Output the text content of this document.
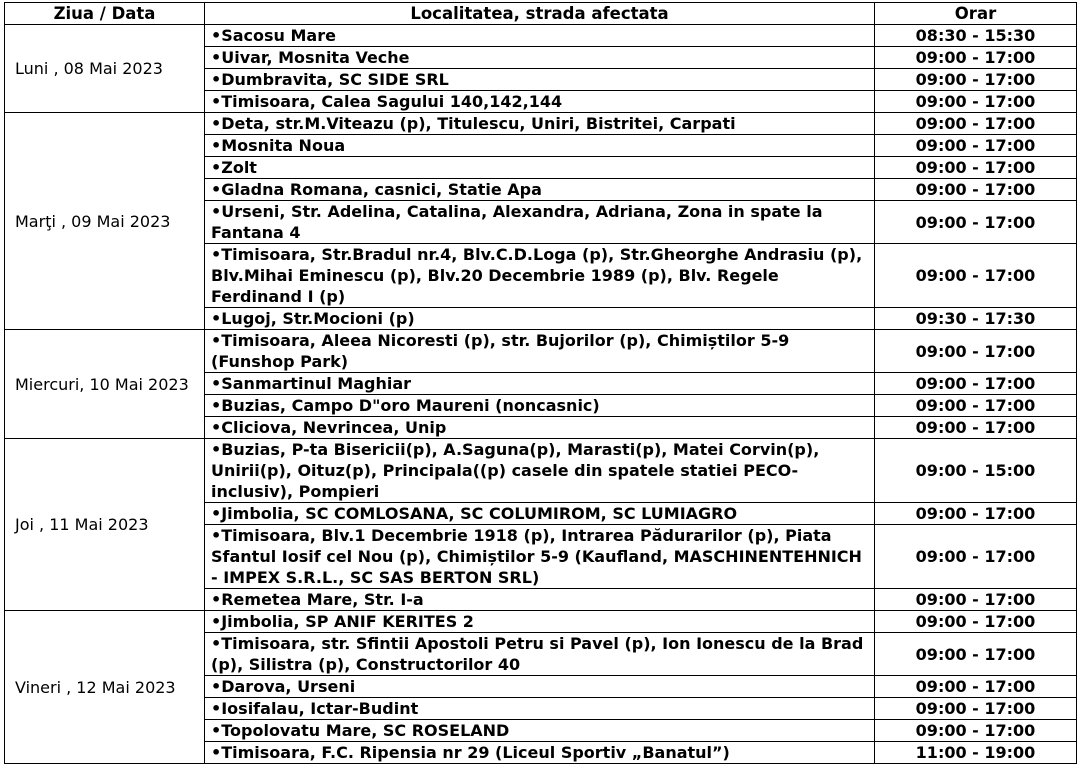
Ziua / Data	Localitatea, strada afectata	Orar
Luni , 08 Mai 2023	•Sacosu Mare	08:30 - 15:30
	•Uivar, Mosnita Veche	09:00 - 17:00
	•Dumbravita, SC SIDE SRL	09:00 - 17:00
	•Timisoara, Calea Sagului 140,142,144	09:00 - 17:00
Marţi , 09 Mai 2023	•Deta, str.M.Viteazu (p), Titulescu, Uniri, Bistritei, Carpati	09:00 - 17:00
	•Mosnita Noua	09:00 - 17:00
	•Zolt	09:00 - 17:00
	•Gladna Romana, casnici, Statie Apa	09:00 - 17:00
	•Urseni, Str. Adelina, Catalina, Alexandra, Adriana, Zona in spate la Fantana 4	09:00 - 17:00
	•Timisoara, Str.Bradul nr.4, Blv.C.D.Loga (p), Str.Gheorghe Andrasiu (p), Blv.Mihai Eminescu (p), Blv.20 Decembrie 1989 (p), Blv. Regele Ferdinand I (p)	09:00 - 17:00
	•Lugoj, Str.Mocioni (p)	09:30 - 17:30
Miercuri, 10 Mai 2023	•Timisoara, Aleea Nicoresti (p), str. Bujorilor (p), Chimiștilor 5-9 (Funshop Park)	09:00 - 17:00
	•Sanmartinul Maghiar	09:00 - 17:00
	•Buzias, Campo D"oro Maureni (noncasnic)	09:00 - 17:00
	•Cliciova, Nevrincea, Unip	09:00 - 17:00
Joi , 11 Mai 2023	•Buzias, P-ta Bisericii(p), A.Saguna(p), Marasti(p), Matei Corvin(p), Unirii(p), Oituz(p), Principala((p) casele din spatele statiei PECO-inclusiv), Pompieri	09:00 - 15:00
	•Jimbolia, SC COMLOSANA, SC COLUMIROM, SC LUMIAGRO	09:00 - 17:00
	•Timisoara, Blv.1 Decembrie 1918 (p), Intrarea Pădurarilor (p), Piata Sfantul Iosif cel Nou (p), Chimiștilor 5-9 (Kaufland, MASCHINENTEHNICH - IMPEX S.R.L., SC SAS BERTON SRL)	09:00 - 17:00
	•Remetea Mare, Str. I-a	09:00 - 17:00
Vineri , 12 Mai 2023	•Jimbolia, SP ANIF KERITES 2	09:00 - 17:00
	•Timisoara, str. Sfintii Apostoli Petru si Pavel (p), Ion Ionescu de la Brad (p), Silistra (p), Constructorilor 40	09:00 - 17:00
	•Darova, Urseni	09:00 - 17:00
	•Iosifalau, Ictar-Budint	09:00 - 17:00
	•Topolovatu Mare, SC ROSELAND	09:00 - 17:00
	•Timisoara, F.C. Ripensia nr 29 (Liceul Sportiv „Banatul”)	11:00 - 19:00
